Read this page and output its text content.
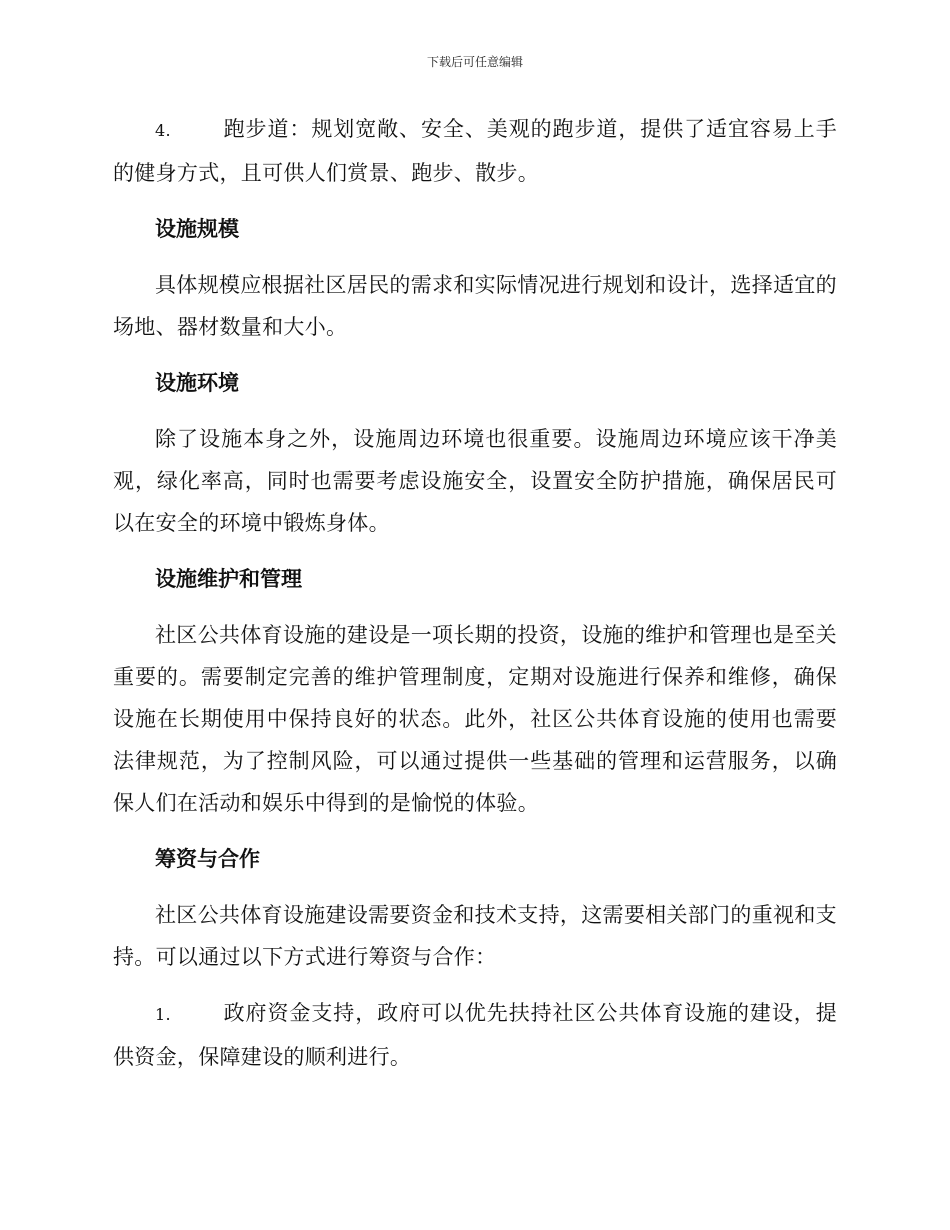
下载后可任意编辑

4. 跑步道：规划宽敞、安全、美观的跑步道，提供了适宜容易上手的健身方式，且可供人们赏景、跑步、散步。

设施规模

具体规模应根据社区居民的需求和实际情况进行规划和设计，选择适宜的场地、器材数量和大小。

设施环境

除了设施本身之外，设施周边环境也很重要。设施周边环境应该干净美观，绿化率高，同时也需要考虑设施安全，设置安全防护措施，确保居民可以在安全的环境中锻炼身体。

设施维护和管理

社区公共体育设施的建设是一项长期的投资，设施的维护和管理也是至关重要的。需要制定完善的维护管理制度，定期对设施进行保养和维修，确保设施在长期使用中保持良好的状态。此外，社区公共体育设施的使用也需要法律规范，为了控制风险，可以通过提供一些基础的管理和运营服务，以确保人们在活动和娱乐中得到的是愉悦的体验。

筹资与合作

社区公共体育设施建设需要资金和技术支持，这需要相关部门的重视和支持。可以通过以下方式进行筹资与合作：

1. 政府资金支持，政府可以优先扶持社区公共体育设施的建设，提供资金，保障建设的顺利进行。
